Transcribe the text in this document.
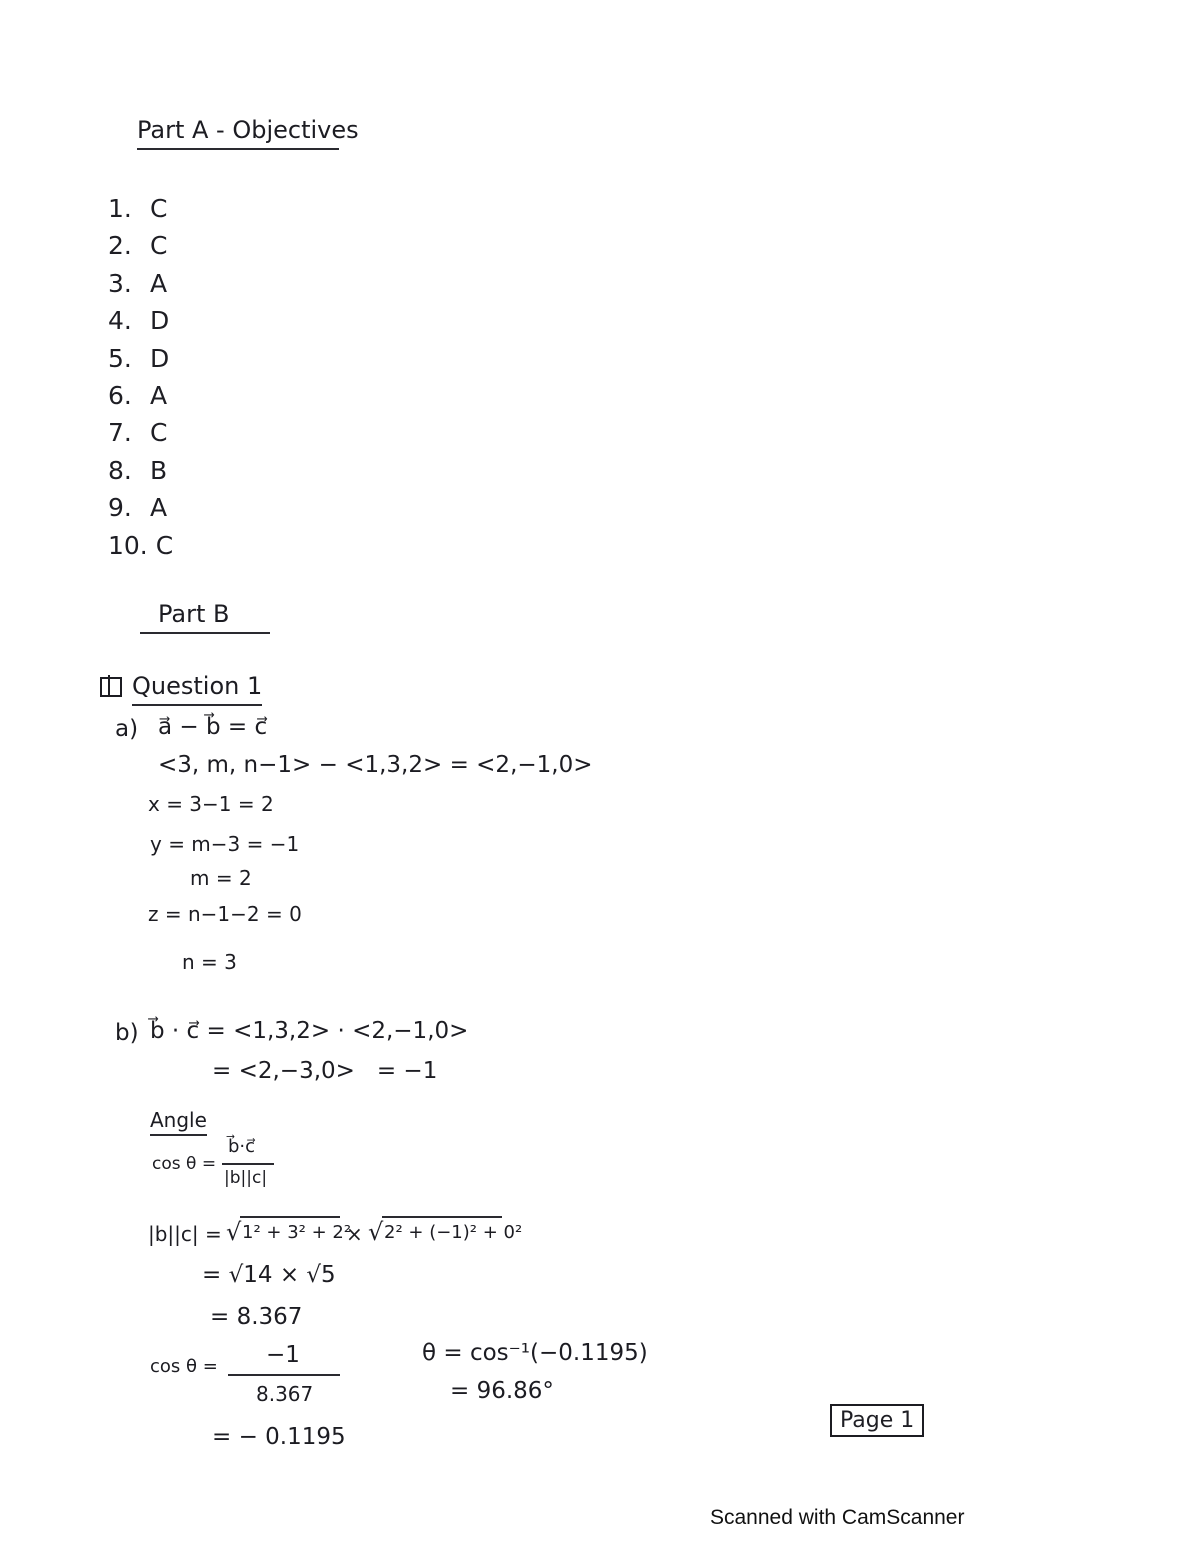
Part A - Objectives
1. C
2. C
3. A
4. D
5. D
6. A
7. C
8. B
9. A
10. C
Part B
Question 1
a) a⃗ − b⃗ = c⃗
<3, m, n−1> − <1,3,2> = <2,−1,0>
x = 3−1 = 2
y = m−3 = −1
m = 2
z = n−1−2 = 0
n = 3
b) b⃗ · c⃗ = <1,3,2> · <2,−1,0>
= <2,−3,0>   = −1
Angle
cos θ =
b⃗·c⃗
|b||c|
|b||c| = √ 1² + 3² + 2²
× √ 2² + (−1)² + 0²
= √14 × √5
= 8.367
cos θ = −1
8.367
= − 0.1195
θ = cos⁻¹(−0.1195)
= 96.86°
Page 1
Scanned with CamScanner
